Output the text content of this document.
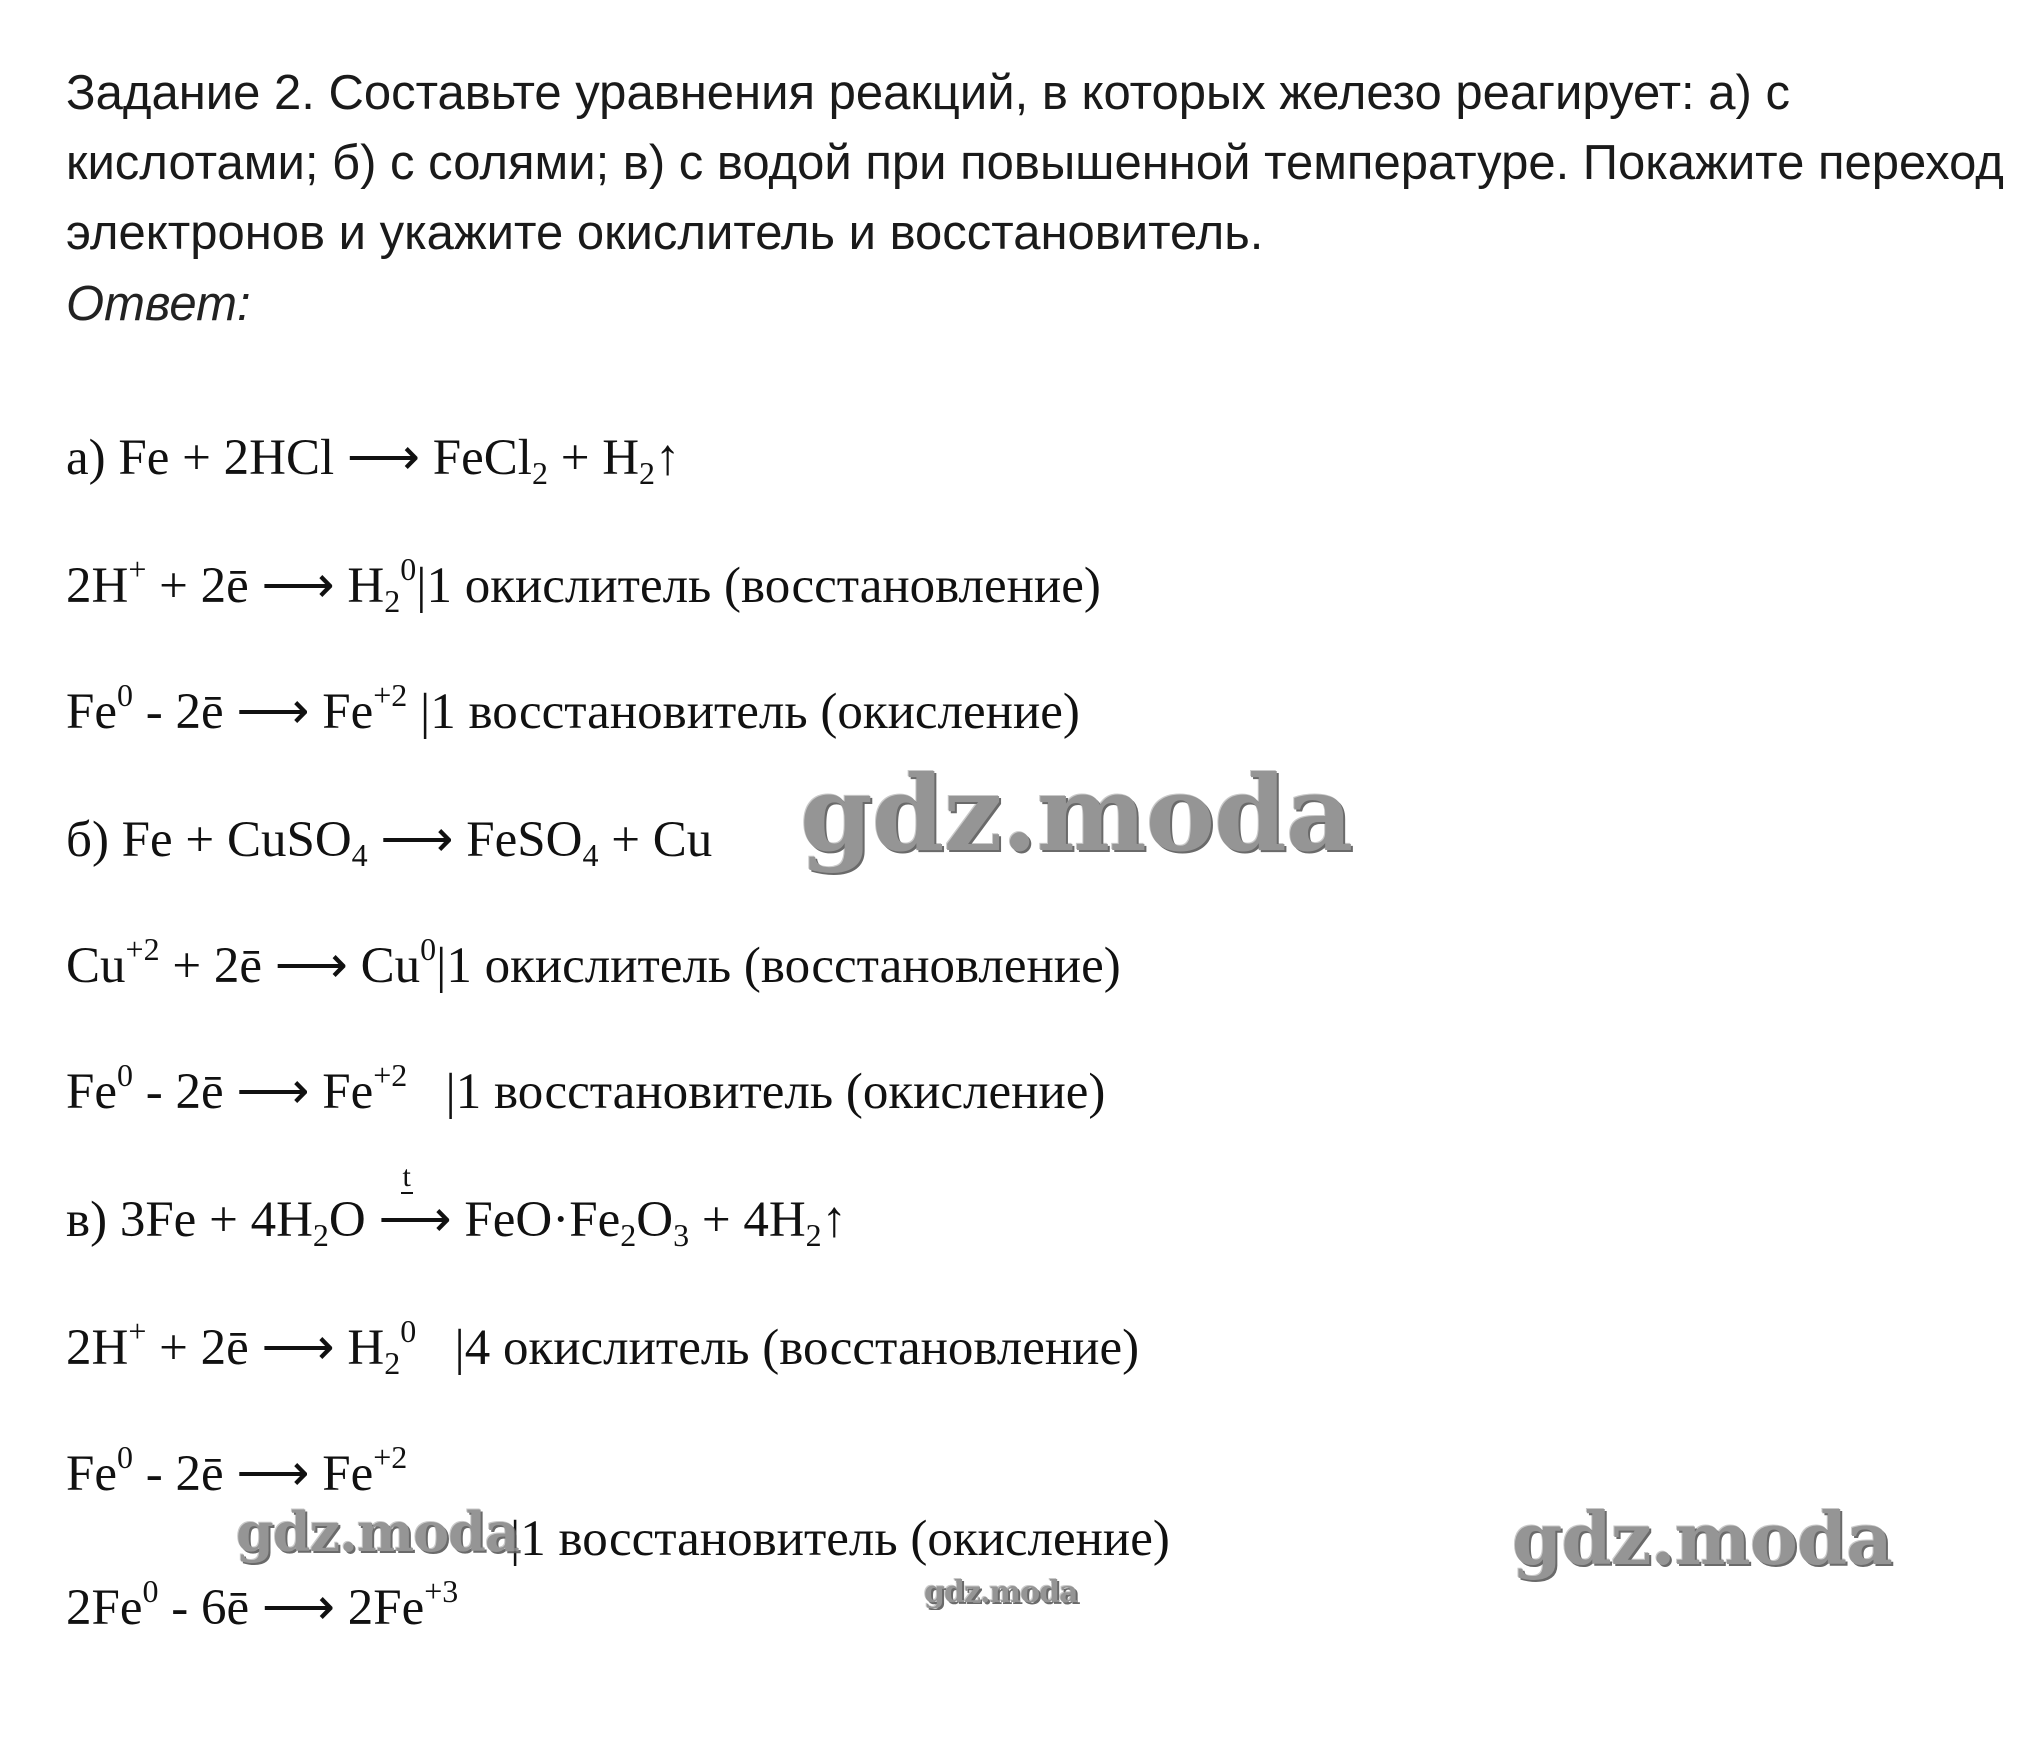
Задание 2. Составьте уравнения реакций, в которых железо реагирует: а) с кислотами; б) с солями; в) с водой при повышенной температуре. Покажите переход электронов и укажите окислитель и восстановитель.
Ответ:
а) Fe + 2HCl ⟶ FeCl$_2$ + $H_2↑$
2H+ + 2ē ⟶ $H_2^0|1$ окислитель (восстановление)
Fe$^0$ - 2ē ⟶ $Fe^{+2}$ |1 восстановитель (окисление)
б) Fe + CuSO$_4$ ⟶ FeSO$_4$ + Cu
$Cu^{+2}$ + 2ē ⟶ Cu$^0$|1 окислитель (восстановление)
Fe$^0$ - 2ē ⟶ $Fe^{+2}$   |1 восстановитель (окисление)
в) $3Fe + 4H_2O$
t
⟶ $FeO\cdot Fe_2O_3$ + $4H_2↑$
2H+ + 2ē ⟶ $H_2^0$   |4 окислитель (восстановление)
Fe$^0$ - 2ē ⟶ $Fe^{+2}$
|1 восстановитель (окисление)
2Fe$^0$ - 6ē ⟶ $2Fe^{+3}$
gdz.moda
gdz.moda
gdz.moda
gdz.moda
